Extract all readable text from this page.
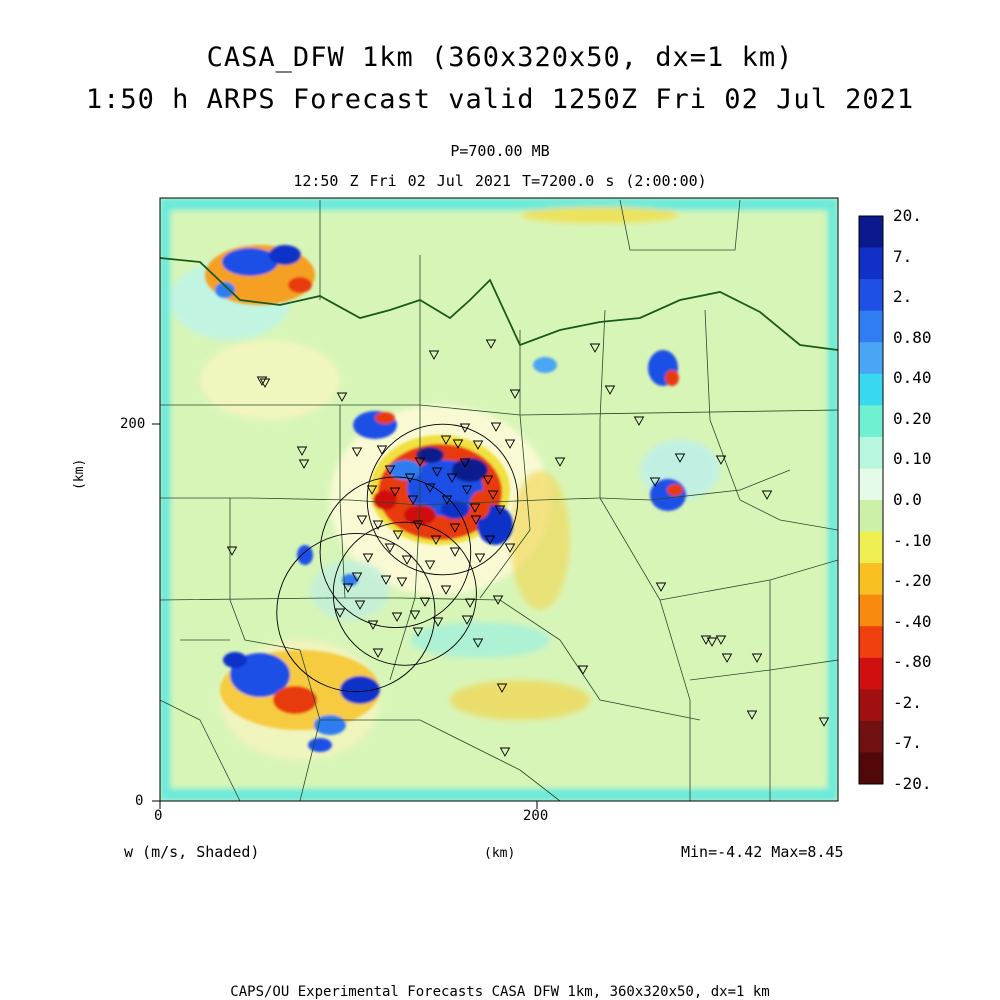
CASA_DFW 1km (360x320x50, dx=1 km)
1:50 h ARPS Forecast valid 1250Z Fri 02 Jul 2021
P=700.00 MB
12:50 Z Fri 02 Jul 2021 T=7200.0 s (2:00:00)
0	200
0
200
(km)
(km)
w (m/s, Shaded)	Min=-4.42 Max=8.45
20.
7.
2.
0.80
0.40
0.20
0.10
0.0
-.10
-.20
-.40
-.80
-2.
-7.
-20.
CAPS/OU Experimental Forecasts CASA DFW 1km, 360x320x50, dx=1 km
